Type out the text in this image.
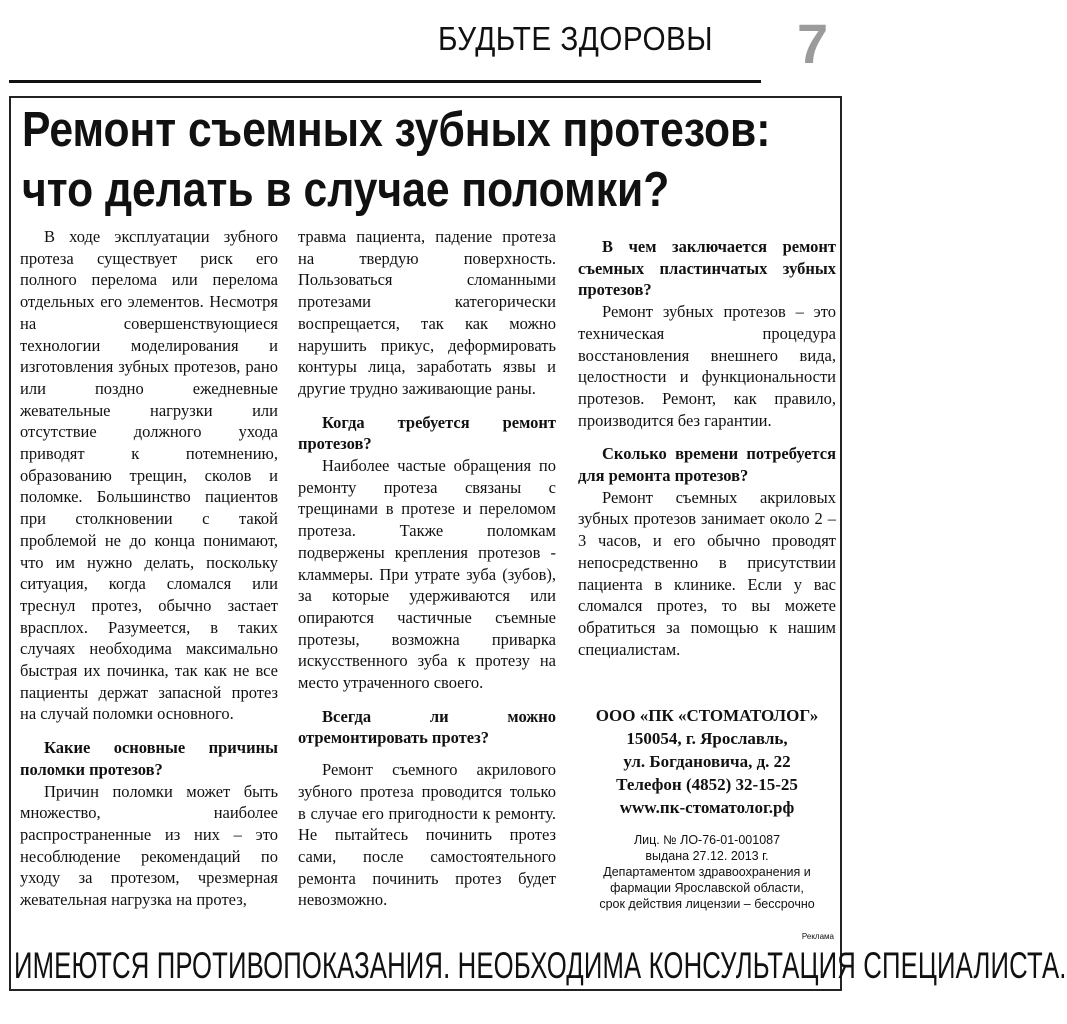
БУДЬТЕ ЗДОРОВЫ 7
Ремонт съемных зубных протезов:
что делать в случае поломки?

В ходе эксплуатации зубного протеза существует риск его полного перелома или перелома отдельных его элементов. Несмотря на совершенствующиеся технологии моделирования и изготовления зубных протезов, рано или поздно ежедневные жевательные нагрузки или отсутствие должного ухода приводят к потемнению, образованию трещин, сколов и поломке. Большинство пациентов при столкновении с такой проблемой не до конца понимают, что им нужно делать, поскольку ситуация, когда сломался или треснул протез, обычно застает врасплох. Разумеется, в таких случаях необходима максимально быстрая их починка, так как не все пациенты держат запасной протез на случай поломки основного.

Какие основные причины поломки протезов?

Причин поломки может быть множество, наиболее распространенные из них – это несоблюдение рекомендаций по уходу за протезом, чрезмерная жевательная нагрузка на протез,

травма пациента, падение протеза на твердую поверхность. Пользоваться сломанными протезами категорически воспрещается, так как можно нарушить прикус, деформировать контуры лица, заработать язвы и другие трудно заживающие раны.

Когда требуется ремонт протезов?

Наиболее частые обращения по ремонту протеза связаны с трещинами в протезе и переломом протеза. Также поломкам подвержены крепления протезов - кламмеры. При утрате зуба (зубов), за которые удерживаются или опираются частичные съемные протезы, возможна приварка искусственного зуба к протезу на место утраченного своего.

Всегда ли можно отремонтировать протез?

Ремонт съемного акрилового зубного протеза проводится только в случае его пригодности к ремонту. Не пытайтесь починить протез сами, после самостоятельного ремонта починить протез будет невозможно.

В чем заключается ремонт съемных пластинчатых зубных протезов?

Ремонт зубных протезов – это техническая процедура восстановления внешнего вида, целостности и функциональности протезов. Ремонт, как правило, производится без гарантии.

Сколько времени потребуется для ремонта протезов?

Ремонт съемных акриловых зубных протезов занимает около 2 – 3 часов, и его обычно проводят непосредственно в присутствии пациента в клинике. Если у вас сломался протез, то вы можете обратиться за помощью к нашим специалистам.

ООО «ПК «СТОМАТОЛОГ»
150054, г. Ярославль,
ул. Богдановича, д. 22
Телефон (4852) 32-15-25
www.пк-стоматолог.рф
Лиц. № ЛО-76-01-001087
выдана 27.12. 2013 г.
Департаментом здравоохранения и
фармации Ярославской области,
срок действия лицензии – бессрочно
Реклама
ИМЕЮТСЯ ПРОТИВОПОКАЗАНИЯ. НЕОБХОДИМА КОНСУЛЬТАЦИЯ СПЕЦИАЛИСТА.
